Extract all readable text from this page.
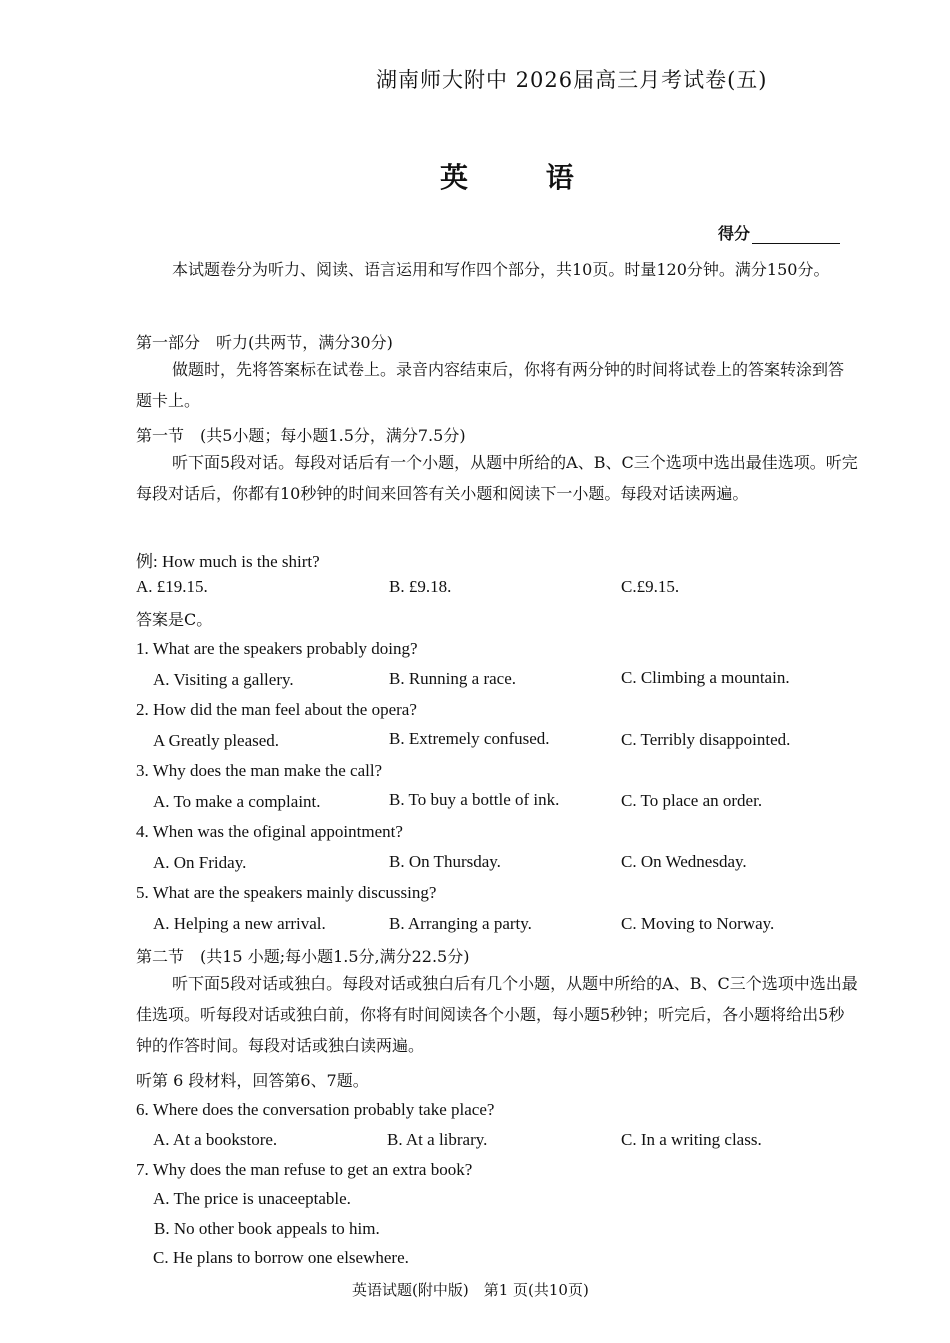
湖南师大附中 2026届高三月考试卷(五)
英 语
得分
本试题卷分为听力、阅读、语言运用和写作四个部分，共10页。时量120分钟。满分150分。
第一部分　听力(共两节，满分30分)
做题时，先将答案标在试卷上。录音内容结束后，你将有两分钟的时间将试卷上的答案转涂到答题卡上。
第一节　(共5小题；每小题1.5分，满分7.5分)
听下面5段对话。每段对话后有一个小题，从题中所给的A、B、C三个选项中选出最佳选项。听完每段对话后，你都有10秒钟的时间来回答有关小题和阅读下一小题。每段对话读两遍。
例: How much is the shirt?
A. £19.15.	B. £9.18.	C.£9.15.
答案是C。
1. What are the speakers probably doing?
A. Visiting a gallery.	B. Running a race.	C. Climbing a mountain.
2. How did the man feel about the opera?
A Greatly pleased.	B. Extremely confused.	C. Terribly disappointed.
3. Why does the man make the call?
A. To make a complaint.	B. To buy a bottle of ink.	C. To place an order.
4. When was the ofiginal appointment?
A. On Friday.	B. On Thursday.	C. On Wednesday.
5. What are the speakers mainly discussing?
A. Helping a new arrival.	B. Arranging a party.	C. Moving to Norway.
第二节　(共15 小题;每小题1.5分,满分22.5分)
听下面5段对话或独白。每段对话或独白后有几个小题，从题中所给的A、B、C三个选项中选出最佳选项。听每段对话或独白前，你将有时间阅读各个小题，每小题5秒钟；听完后，各小题将给出5秒钟的作答时间。每段对话或独白读两遍。
听第 6 段材料，回答第6、7题。
6. Where does the conversation probably take place?
A. At a bookstore.	B. At a library.	C. In a writing class.
7. Why does the man refuse to get an extra book?
A. The price is unaceeptable.
B. No other book appeals to him.
C. He plans to borrow one elsewhere.
英语试题(附中版)　第1 页(共10页)
